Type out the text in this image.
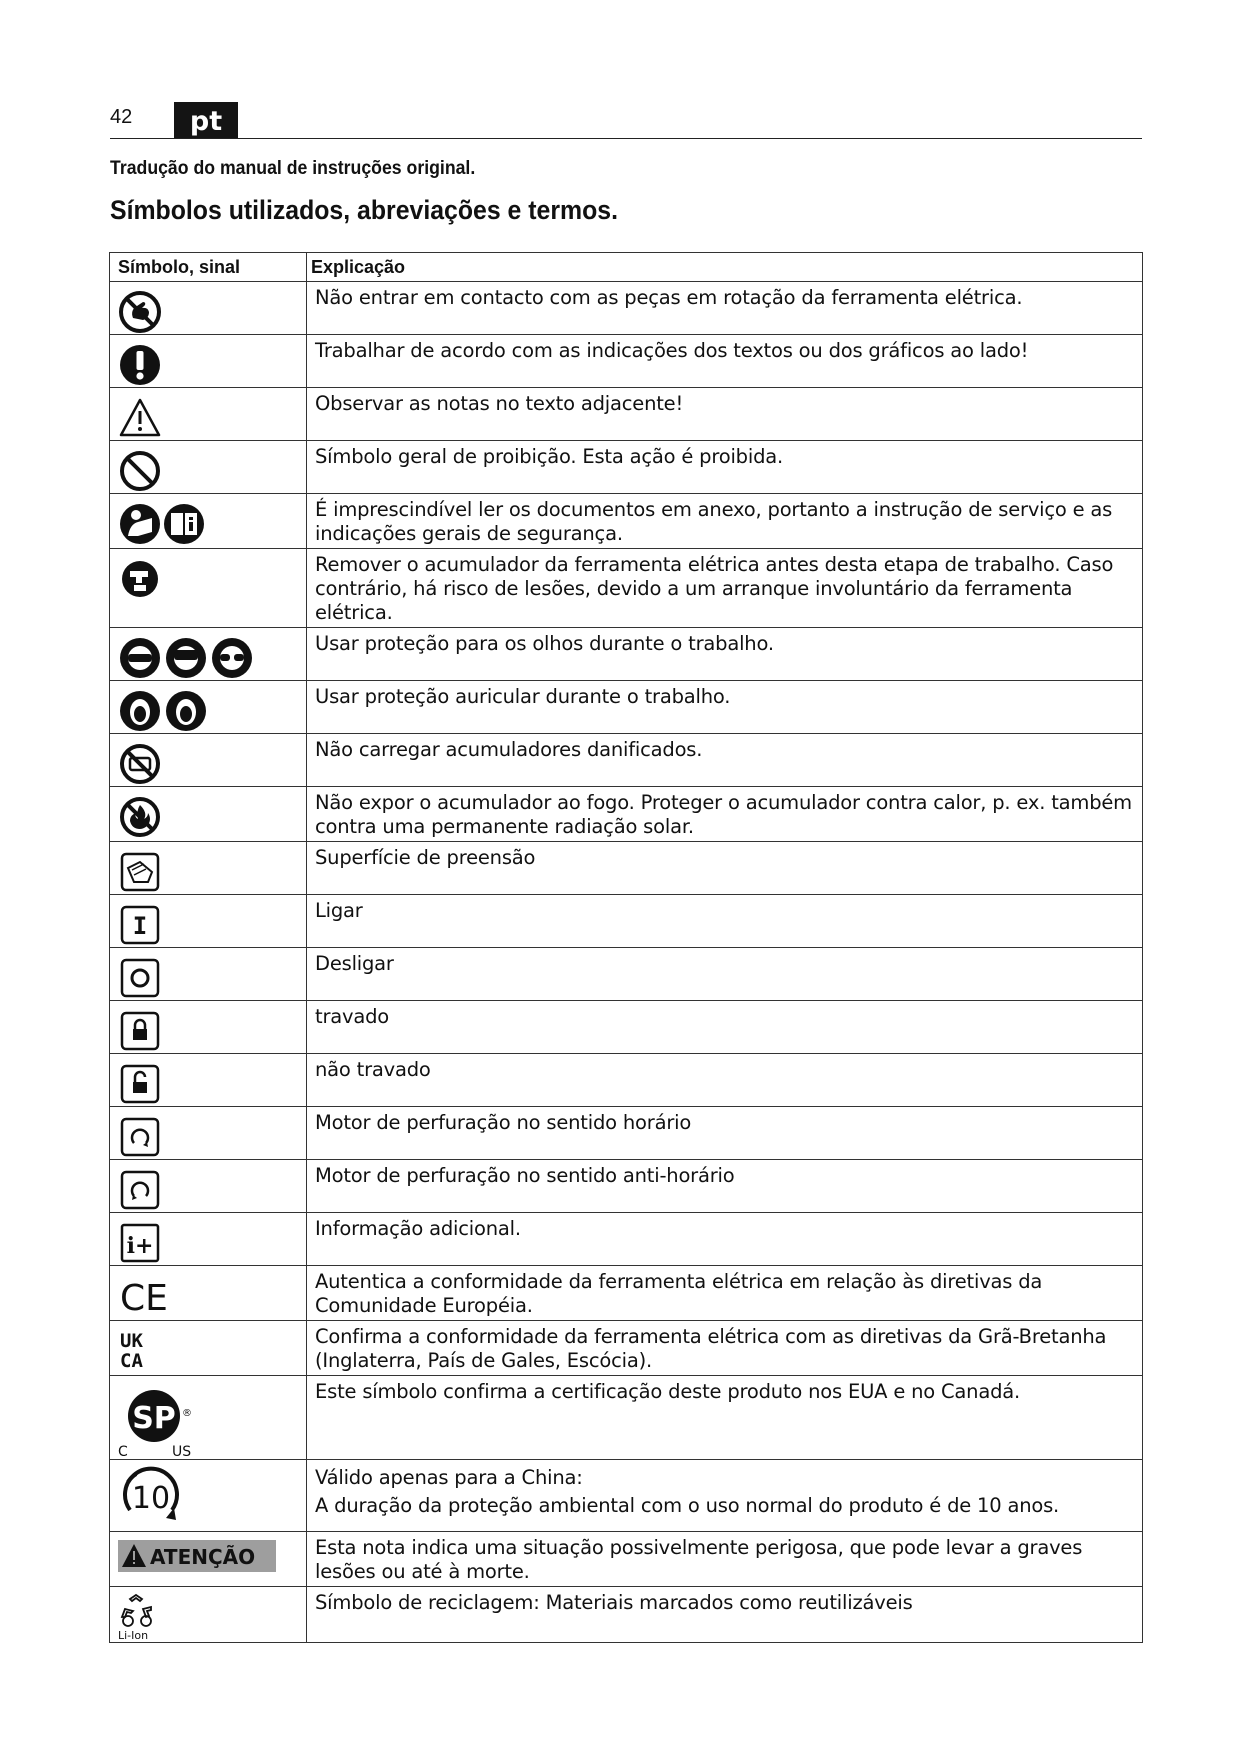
42	pt
Tradução do manual de instruções original.
Símbolos utilizados, abreviações e termos.
Símbolo, sinal	Explicação

	Não entrar em contacto com as peças em rotação da ferramenta elétrica.

	Trabalhar de acordo com as indicações dos textos ou dos gráficos ao lado!

	Observar as notas no texto adjacente!

	Símbolo geral de proibição. Esta ação é proibida.

	É imprescindível ler os documentos em anexo, portanto a instrução de serviço e as indicações gerais de segurança.

	Remover o acumulador da ferramenta elétrica antes desta etapa de trabalho. Caso contrário, há risco de lesões, devido a um arranque involuntário da ferramenta elétrica.

	Usar proteção para os olhos durante o trabalho.

	Usar proteção auricular durante o trabalho.

	Não carregar acumuladores danificados.

	Não expor o acumulador ao fogo. Proteger o acumulador contra calor, p. ex. também contra uma permanente radiação solar.

	Superfície de preensão

I	Ligar

	Desligar

	travado

	não travado

	Motor de perfuração no sentido horário

	Motor de perfuração no sentido anti-horário

i+	Informação adicional.

CE	Autentica a conformidade da ferramenta elétrica em relação às diretivas da Comunidade Européia.

UK
CA	Confirma a conformidade da ferramenta elétrica com as diretivas da Grã-Bretanha (Inglaterra, País de Gales, Escócia).

SP
C US
®	Este símbolo confirma a certificação deste produto nos EUA e no Canadá.

10	Válido apenas para a China:
A duração da proteção ambiental com o uso normal do produto é de 10 anos.

ATENÇÃO	Esta nota indica uma situação possivelmente perigosa, que pode levar a graves lesões ou até à morte.

Li-Ion	Símbolo de reciclagem: Materiais marcados como reutilizáveis
